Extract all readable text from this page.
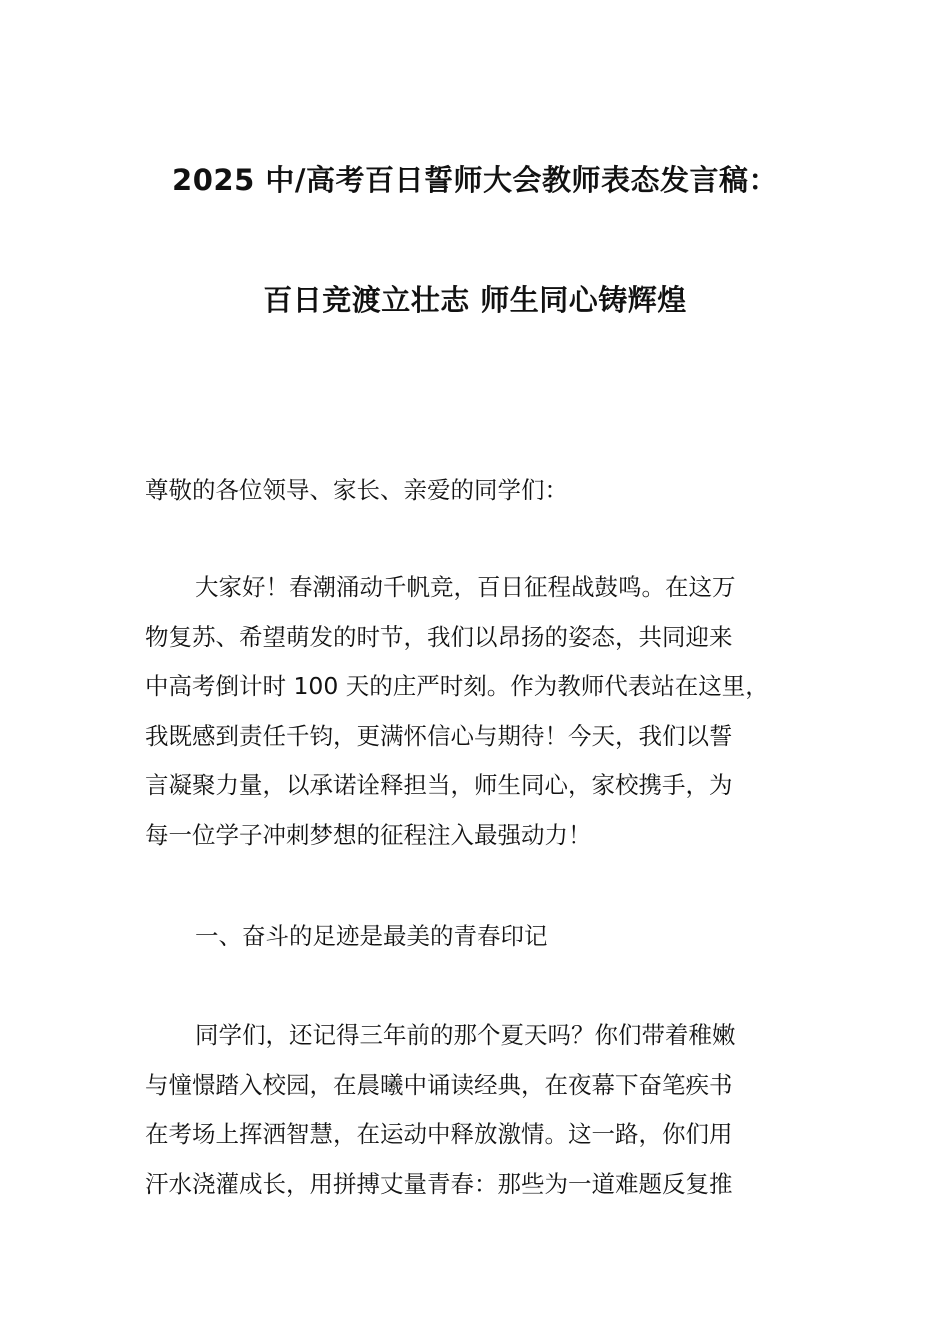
2025 中/高考百日誓师大会教师表态发言稿：
百日竞渡立壮志 师生同心铸辉煌
尊敬的各位领导、家长、亲爱的同学们：
大家好！春潮涌动千帆竞，百日征程战鼓鸣。在这万
物复苏、希望萌发的时节，我们以昂扬的姿态，共同迎来
中高考倒计时 100 天的庄严时刻。作为教师代表站在这里，
我既感到责任千钧，更满怀信心与期待！今天，我们以誓
言凝聚力量，以承诺诠释担当，师生同心，家校携手，为
每一位学子冲刺梦想的征程注入最强动力！
一、奋斗的足迹是最美的青春印记
同学们，还记得三年前的那个夏天吗？你们带着稚嫩
与憧憬踏入校园，在晨曦中诵读经典，在夜幕下奋笔疾书
在考场上挥洒智慧，在运动中释放激情。这一路，你们用
汗水浇灌成长，用拼搏丈量青春：那些为一道难题反复推
